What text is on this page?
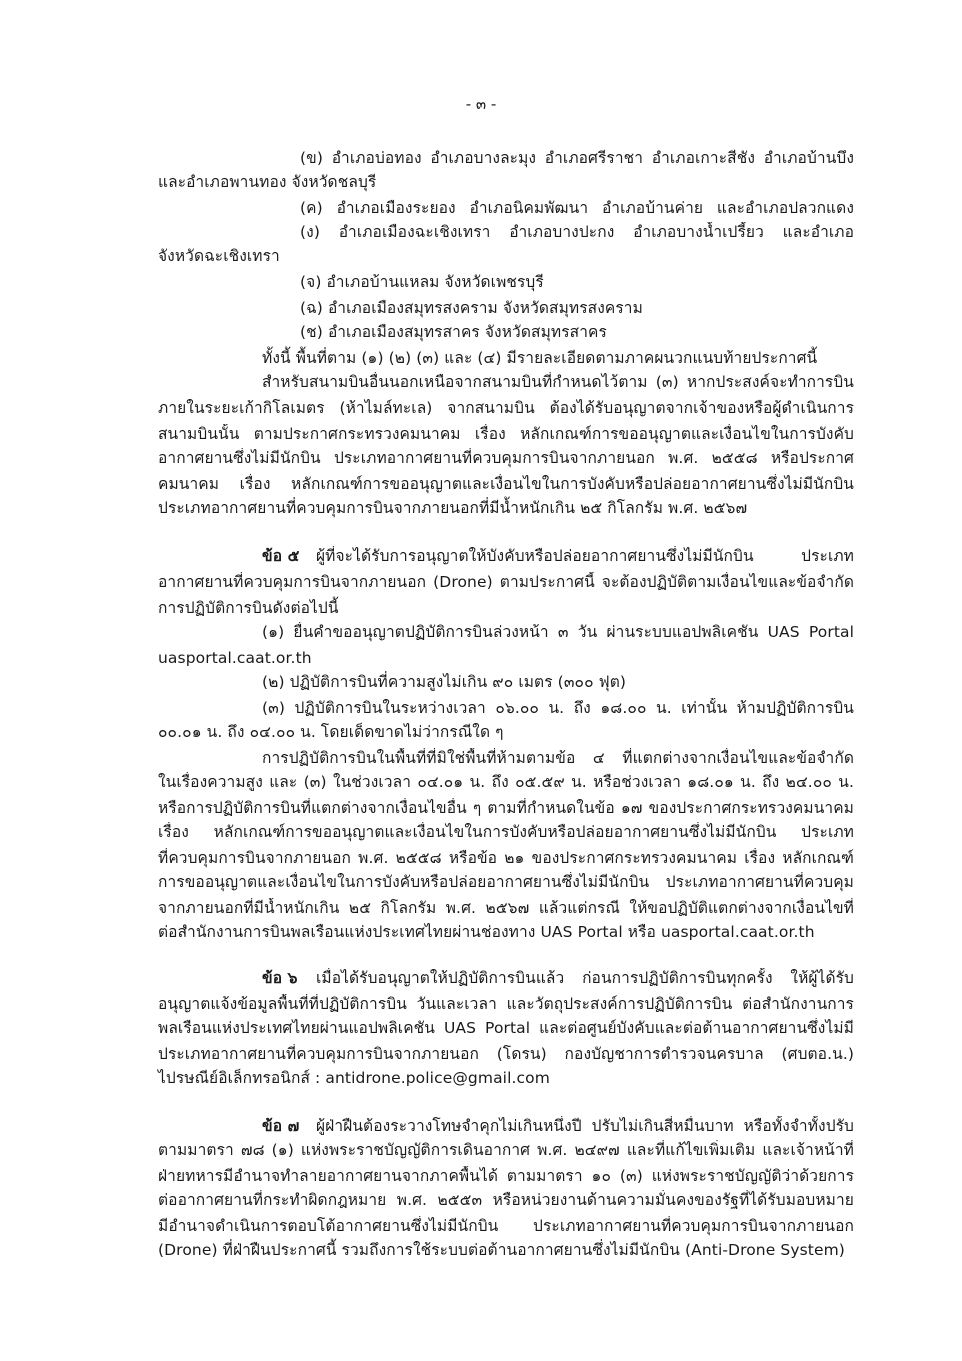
- ๓ -
(ข) อำเภอบ่อทอง อำเภอบางละมุง อำเภอศรีราชา อำเภอเกาะสีชัง อำเภอบ้านบึง
และอำเภอพานทอง จังหวัดชลบุรี
(ค) อำเภอเมืองระยอง อำเภอนิคมพัฒนา อำเภอบ้านค่าย และอำเภอปลวกแดง
(ง) อำเภอเมืองฉะเชิงเทรา อำเภอบางปะกง อำเภอบางน้ำเปรี้ยว และอำเภอ
จังหวัดฉะเชิงเทรา
(จ) อำเภอบ้านแหลม จังหวัดเพชรบุรี
(ฉ) อำเภอเมืองสมุทรสงคราม จังหวัดสมุทรสงคราม
(ช) อำเภอเมืองสมุทรสาคร จังหวัดสมุทรสาคร
ทั้งนี้ พื้นที่ตาม (๑) (๒) (๓) และ (๔) มีรายละเอียดตามภาคผนวกแนบท้ายประกาศนี้
สำหรับสนามบินอื่นนอกเหนือจากสนามบินที่กำหนดไว้ตาม (๓) หากประสงค์จะทำการบิน
ภายในระยะเก้ากิโลเมตร (ห้าไมล์ทะเล) จากสนามบิน ต้องได้รับอนุญาตจากเจ้าของหรือผู้ดำเนินการ
สนามบินนั้น ตามประกาศกระทรวงคมนาคม เรื่อง หลักเกณฑ์การขออนุญาตและเงื่อนไขในการบังคับ
อากาศยานซึ่งไม่มีนักบิน ประเภทอากาศยานที่ควบคุมการบินจากภายนอก พ.ศ. ๒๕๕๘ หรือประกาศ
คมนาคม เรื่อง หลักเกณฑ์การขออนุญาตและเงื่อนไขในการบังคับหรือปล่อยอากาศยานซึ่งไม่มีนักบิน
ประเภทอากาศยานที่ควบคุมการบินจากภายนอกที่มีน้ำหนักเกิน ๒๕ กิโลกรัม พ.ศ. ๒๕๖๗
ข้อ ๕ ผู้ที่จะได้รับการอนุญาตให้บังคับหรือปล่อยอากาศยานซึ่งไม่มีนักบิน ประเภท
อากาศยานที่ควบคุมการบินจากภายนอก (Drone) ตามประกาศนี้ จะต้องปฏิบัติตามเงื่อนไขและข้อจำกัด
การปฏิบัติการบินดังต่อไปนี้
(๑) ยื่นคำขออนุญาตปฏิบัติการบินล่วงหน้า ๓ วัน ผ่านระบบแอปพลิเคชัน UAS Portal
uasportal.caat.or.th
(๒) ปฏิบัติการบินที่ความสูงไม่เกิน ๙๐ เมตร (๓๐๐ ฟุต)
(๓) ปฏิบัติการบินในระหว่างเวลา ๐๖.๐๐ น. ถึง ๑๘.๐๐ น. เท่านั้น ห้ามปฏิบัติการบิน
๐๐.๐๑ น. ถึง ๐๔.๐๐ น. โดยเด็ดขาดไม่ว่ากรณีใด ๆ
การปฏิบัติการบินในพื้นที่ที่มิใช่พื้นที่ห้ามตามข้อ ๔ ที่แตกต่างจากเงื่อนไขและข้อจำกัด
ในเรื่องความสูง และ (๓) ในช่วงเวลา ๐๔.๐๑ น. ถึง ๐๕.๕๙ น. หรือช่วงเวลา ๑๘.๐๑ น. ถึง ๒๔.๐๐ น.
หรือการปฏิบัติการบินที่แตกต่างจากเงื่อนไขอื่น ๆ ตามที่กำหนดในข้อ ๑๗ ของประกาศกระทรวงคมนาคม
เรื่อง หลักเกณฑ์การขออนุญาตและเงื่อนไขในการบังคับหรือปล่อยอากาศยานซึ่งไม่มีนักบิน ประเภท
ที่ควบคุมการบินจากภายนอก พ.ศ. ๒๕๕๘ หรือข้อ ๒๑ ของประกาศกระทรวงคมนาคม เรื่อง หลักเกณฑ์
การขออนุญาตและเงื่อนไขในการบังคับหรือปล่อยอากาศยานซึ่งไม่มีนักบิน ประเภทอากาศยานที่ควบคุม
จากภายนอกที่มีน้ำหนักเกิน ๒๕ กิโลกรัม พ.ศ. ๒๕๖๗ แล้วแต่กรณี ให้ขอปฏิบัติแตกต่างจากเงื่อนไขที่
ต่อสำนักงานการบินพลเรือนแห่งประเทศไทยผ่านช่องทาง UAS Portal หรือ uasportal.caat.or.th
ข้อ ๖ เมื่อได้รับอนุญาตให้ปฏิบัติการบินแล้ว ก่อนการปฏิบัติการบินทุกครั้ง ให้ผู้ได้รับ
อนุญาตแจ้งข้อมูลพื้นที่ที่ปฏิบัติการบิน วันและเวลา และวัตถุประสงค์การปฏิบัติการบิน ต่อสำนักงานการ
พลเรือนแห่งประเทศไทยผ่านแอปพลิเคชัน UAS Portal และต่อศูนย์บังคับและต่อต้านอากาศยานซึ่งไม่มี
ประเภทอากาศยานที่ควบคุมการบินจากภายนอก (โดรน) กองบัญชาการตำรวจนครบาล (ศบตอ.น.)
ไปรษณีย์อิเล็กทรอนิกส์ : antidrone.police@gmail.com
ข้อ ๗ ผู้ฝ่าฝืนต้องระวางโทษจำคุกไม่เกินหนึ่งปี ปรับไม่เกินสี่หมื่นบาท หรือทั้งจำทั้งปรับ
ตามมาตรา ๗๘ (๑) แห่งพระราชบัญญัติการเดินอากาศ พ.ศ. ๒๔๙๗ และที่แก้ไขเพิ่มเติม และเจ้าหน้าที่
ฝ่ายทหารมีอำนาจทำลายอากาศยานจากภาคพื้นได้ ตามมาตรา ๑๐ (๓) แห่งพระราชบัญญัติว่าด้วยการ
ต่ออากาศยานที่กระทำผิดกฎหมาย พ.ศ. ๒๕๕๓ หรือหน่วยงานด้านความมั่นคงของรัฐที่ได้รับมอบหมาย
มีอำนาจดำเนินการตอบโต้อากาศยานซึ่งไม่มีนักบิน ประเภทอากาศยานที่ควบคุมการบินจากภายนอก
(Drone) ที่ฝ่าฝืนประกาศนี้ รวมถึงการใช้ระบบต่อต้านอากาศยานซึ่งไม่มีนักบิน (Anti-Drone System)
